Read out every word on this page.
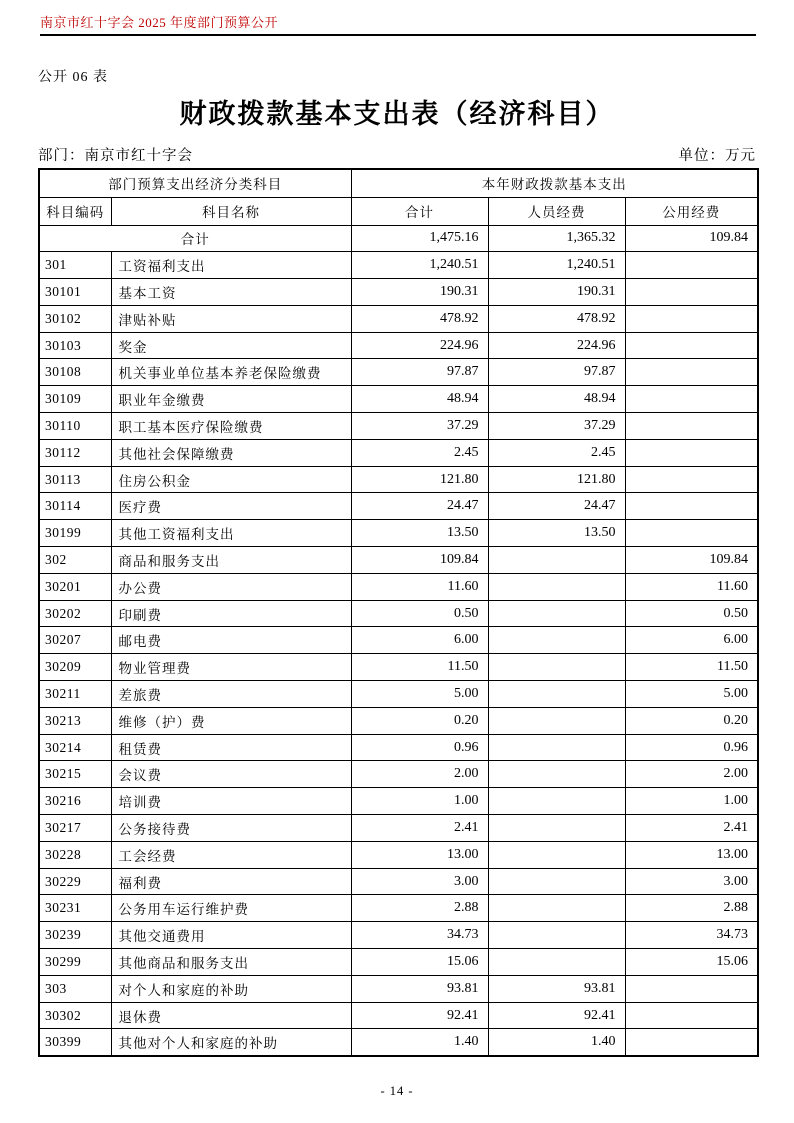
南京市红十字会 2025 年度部门预算公开
公开 06 表
财政拨款基本支出表（经济科目）
部门：南京市红十字会	单位：万元
部门预算支出经济分类科目		本年财政拨款基本支出		
科目编码	科目名称	合计	人员经费	公用经费
合计		1,475.16	1,365.32	109.84
301	工资福利支出	1,240.51	1,240.51	
30101	基本工资	190.31	190.31	
30102	津贴补贴	478.92	478.92	
30103	奖金	224.96	224.96	
30108	机关事业单位基本养老保险缴费	97.87	97.87	
30109	职业年金缴费	48.94	48.94	
30110	职工基本医疗保险缴费	37.29	37.29	
30112	其他社会保障缴费	2.45	2.45	
30113	住房公积金	121.80	121.80	
30114	医疗费	24.47	24.47	
30199	其他工资福利支出	13.50	13.50	
302	商品和服务支出	109.84		109.84
30201	办公费	11.60		11.60
30202	印刷费	0.50		0.50
30207	邮电费	6.00		6.00
30209	物业管理费	11.50		11.50
30211	差旅费	5.00		5.00
30213	维修（护）费	0.20		0.20
30214	租赁费	0.96		0.96
30215	会议费	2.00		2.00
30216	培训费	1.00		1.00
30217	公务接待费	2.41		2.41
30228	工会经费	13.00		13.00
30229	福利费	3.00		3.00
30231	公务用车运行维护费	2.88		2.88
30239	其他交通费用	34.73		34.73
30299	其他商品和服务支出	15.06		15.06
303	对个人和家庭的补助	93.81	93.81	
30302	退休费	92.41	92.41	
30399	其他对个人和家庭的补助	1.40	1.40	
- 14 -
